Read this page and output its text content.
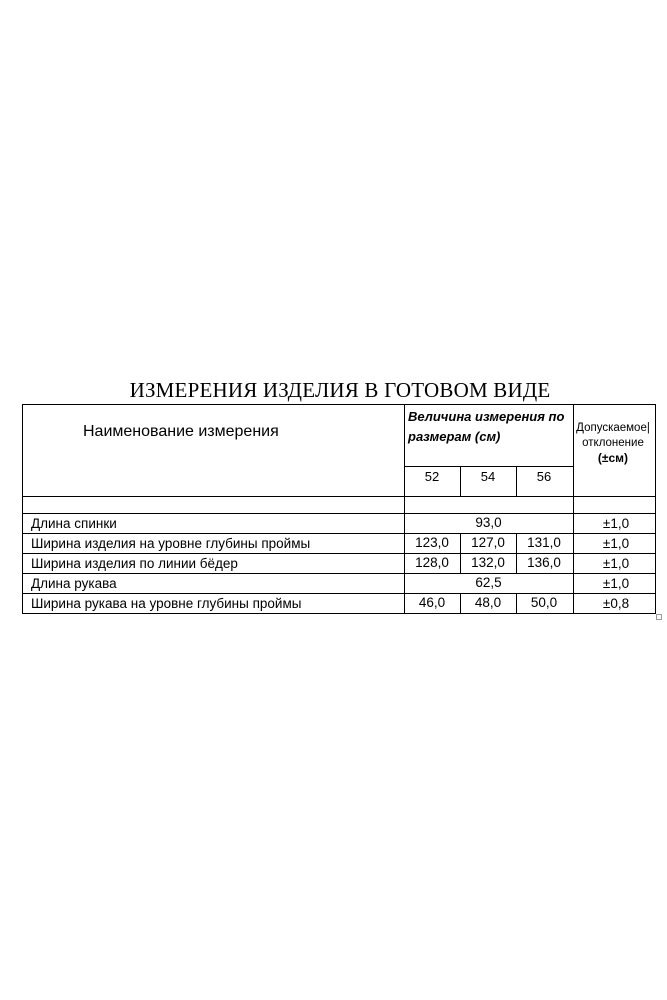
ИЗМЕРЕНИЯ ИЗДЕЛИЯ В ГОТОВОМ ВИДЕ
Наименование измерения
Величина измерения по размерам (см)
Допускаемое|
отклонение
(±см)
52	54	56
Длина спинки	93,0	±1,0
Ширина изделия на уровне глубины проймы	123,0	127,0	131,0	±1,0
Ширина изделия по линии бёдер	128,0	132,0	136,0	±1,0
Длина рукава	62,5	±1,0
Ширина рукава на уровне глубины проймы	46,0	48,0	50,0	±0,8
